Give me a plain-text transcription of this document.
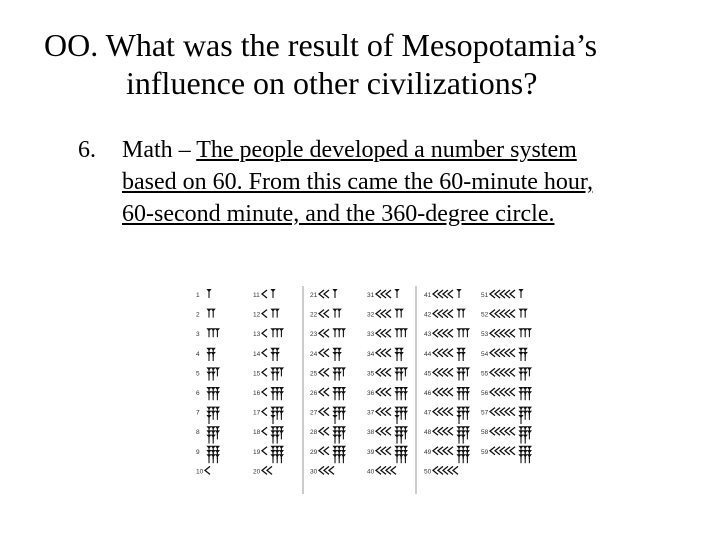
OO. What was the result of Mesopotamia’s
influence on other civilizations?
6. Math – The people developed a number system
based on 60. From this came the 60-minute hour,
60-second minute, and the 360-degree circle.
1
2
3
4
5
6
7
8
9
10
11
12
13
14
15
16
17
18
19
20
21
22
23
24
25
26
27
28
29
30
31
32
33
34
35
36
37
38
39
40
41
42
43
44
45
46
47
48
49
50
51
52
53
54
55
56
57
58
59
